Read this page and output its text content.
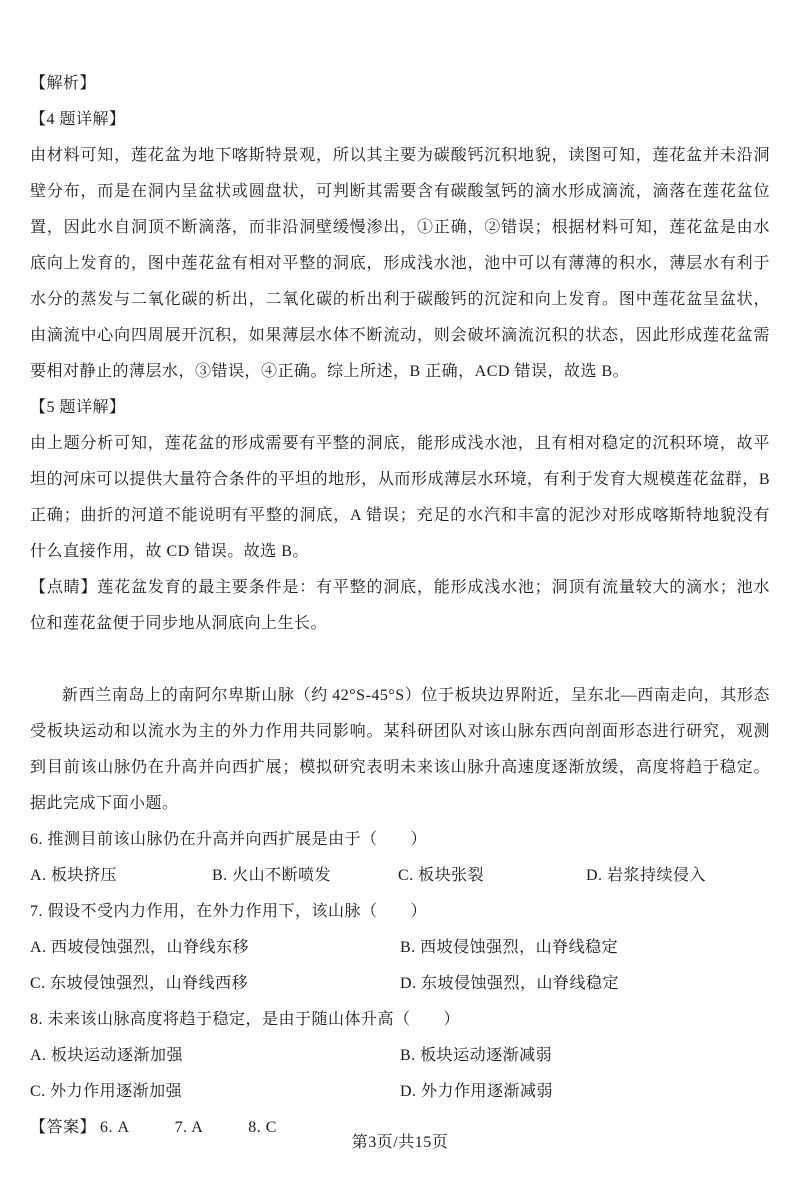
【解析】

【4 题详解】

由材料可知，莲花盆为地下喀斯特景观，所以其主要为碳酸钙沉积地貌，读图可知，莲花盆并未沿洞壁分布，而是在洞内呈盆状或圆盘状，可判断其需要含有碳酸氢钙的滴水形成滴流，滴落在莲花盆位置，因此水自洞顶不断滴落，而非沿洞壁缓慢渗出，①正确，②错误；根据材料可知，莲花盆是由水底向上发育的，图中莲花盆有相对平整的洞底，形成浅水池，池中可以有薄薄的积水，薄层水有利于水分的蒸发与二氧化碳的析出，二氧化碳的析出利于碳酸钙的沉淀和向上发育。图中莲花盆呈盆状，由滴流中心向四周展开沉积，如果薄层水体不断流动，则会破坏滴流沉积的状态，因此形成莲花盆需要相对静止的薄层水，③错误，④正确。综上所述，B 正确，ACD 错误，故选 B。

【5 题详解】

由上题分析可知，莲花盆的形成需要有平整的洞底，能形成浅水池，且有相对稳定的沉积环境，故平坦的河床可以提供大量符合条件的平坦的地形，从而形成薄层水环境，有利于发育大规模莲花盆群，B 正确；曲折的河道不能说明有平整的洞底，A 错误；充足的水汽和丰富的泥沙对形成喀斯特地貌没有什么直接作用，故 CD 错误。故选 B。

【点睛】莲花盆发育的最主要条件是：有平整的洞底，能形成浅水池；洞顶有流量较大的滴水；池水位和莲花盆便于同步地从洞底向上生长。

新西兰南岛上的南阿尔卑斯山脉（约 42°S-45°S）位于板块边界附近，呈东北—西南走向，其形态受板块运动和以流水为主的外力作用共同影响。某科研团队对该山脉东西向剖面形态进行研究，观测到目前该山脉仍在升高并向西扩展；模拟研究表明未来该山脉升高速度逐渐放缓，高度将趋于稳定。据此完成下面小题。

6. 推测目前该山脉仍在升高并向西扩展是由于（　　）

A. 板块挤压	B. 火山不断喷发	C. 板块张裂	D. 岩浆持续侵入

7. 假设不受内力作用，在外力作用下，该山脉（　　）

A. 西坡侵蚀强烈，山脊线东移	B. 西坡侵蚀强烈，山脊线稳定
C. 东坡侵蚀强烈，山脊线西移	D. 东坡侵蚀强烈，山脊线稳定

8. 未来该山脉高度将趋于稳定，是由于随山体升高（　　）

A. 板块运动逐渐加强	B. 板块运动逐渐减弱
C. 外力作用逐渐加强	D. 外力作用逐渐减弱

【答案】 6. A	7. A	8. C

第3页/共15页
